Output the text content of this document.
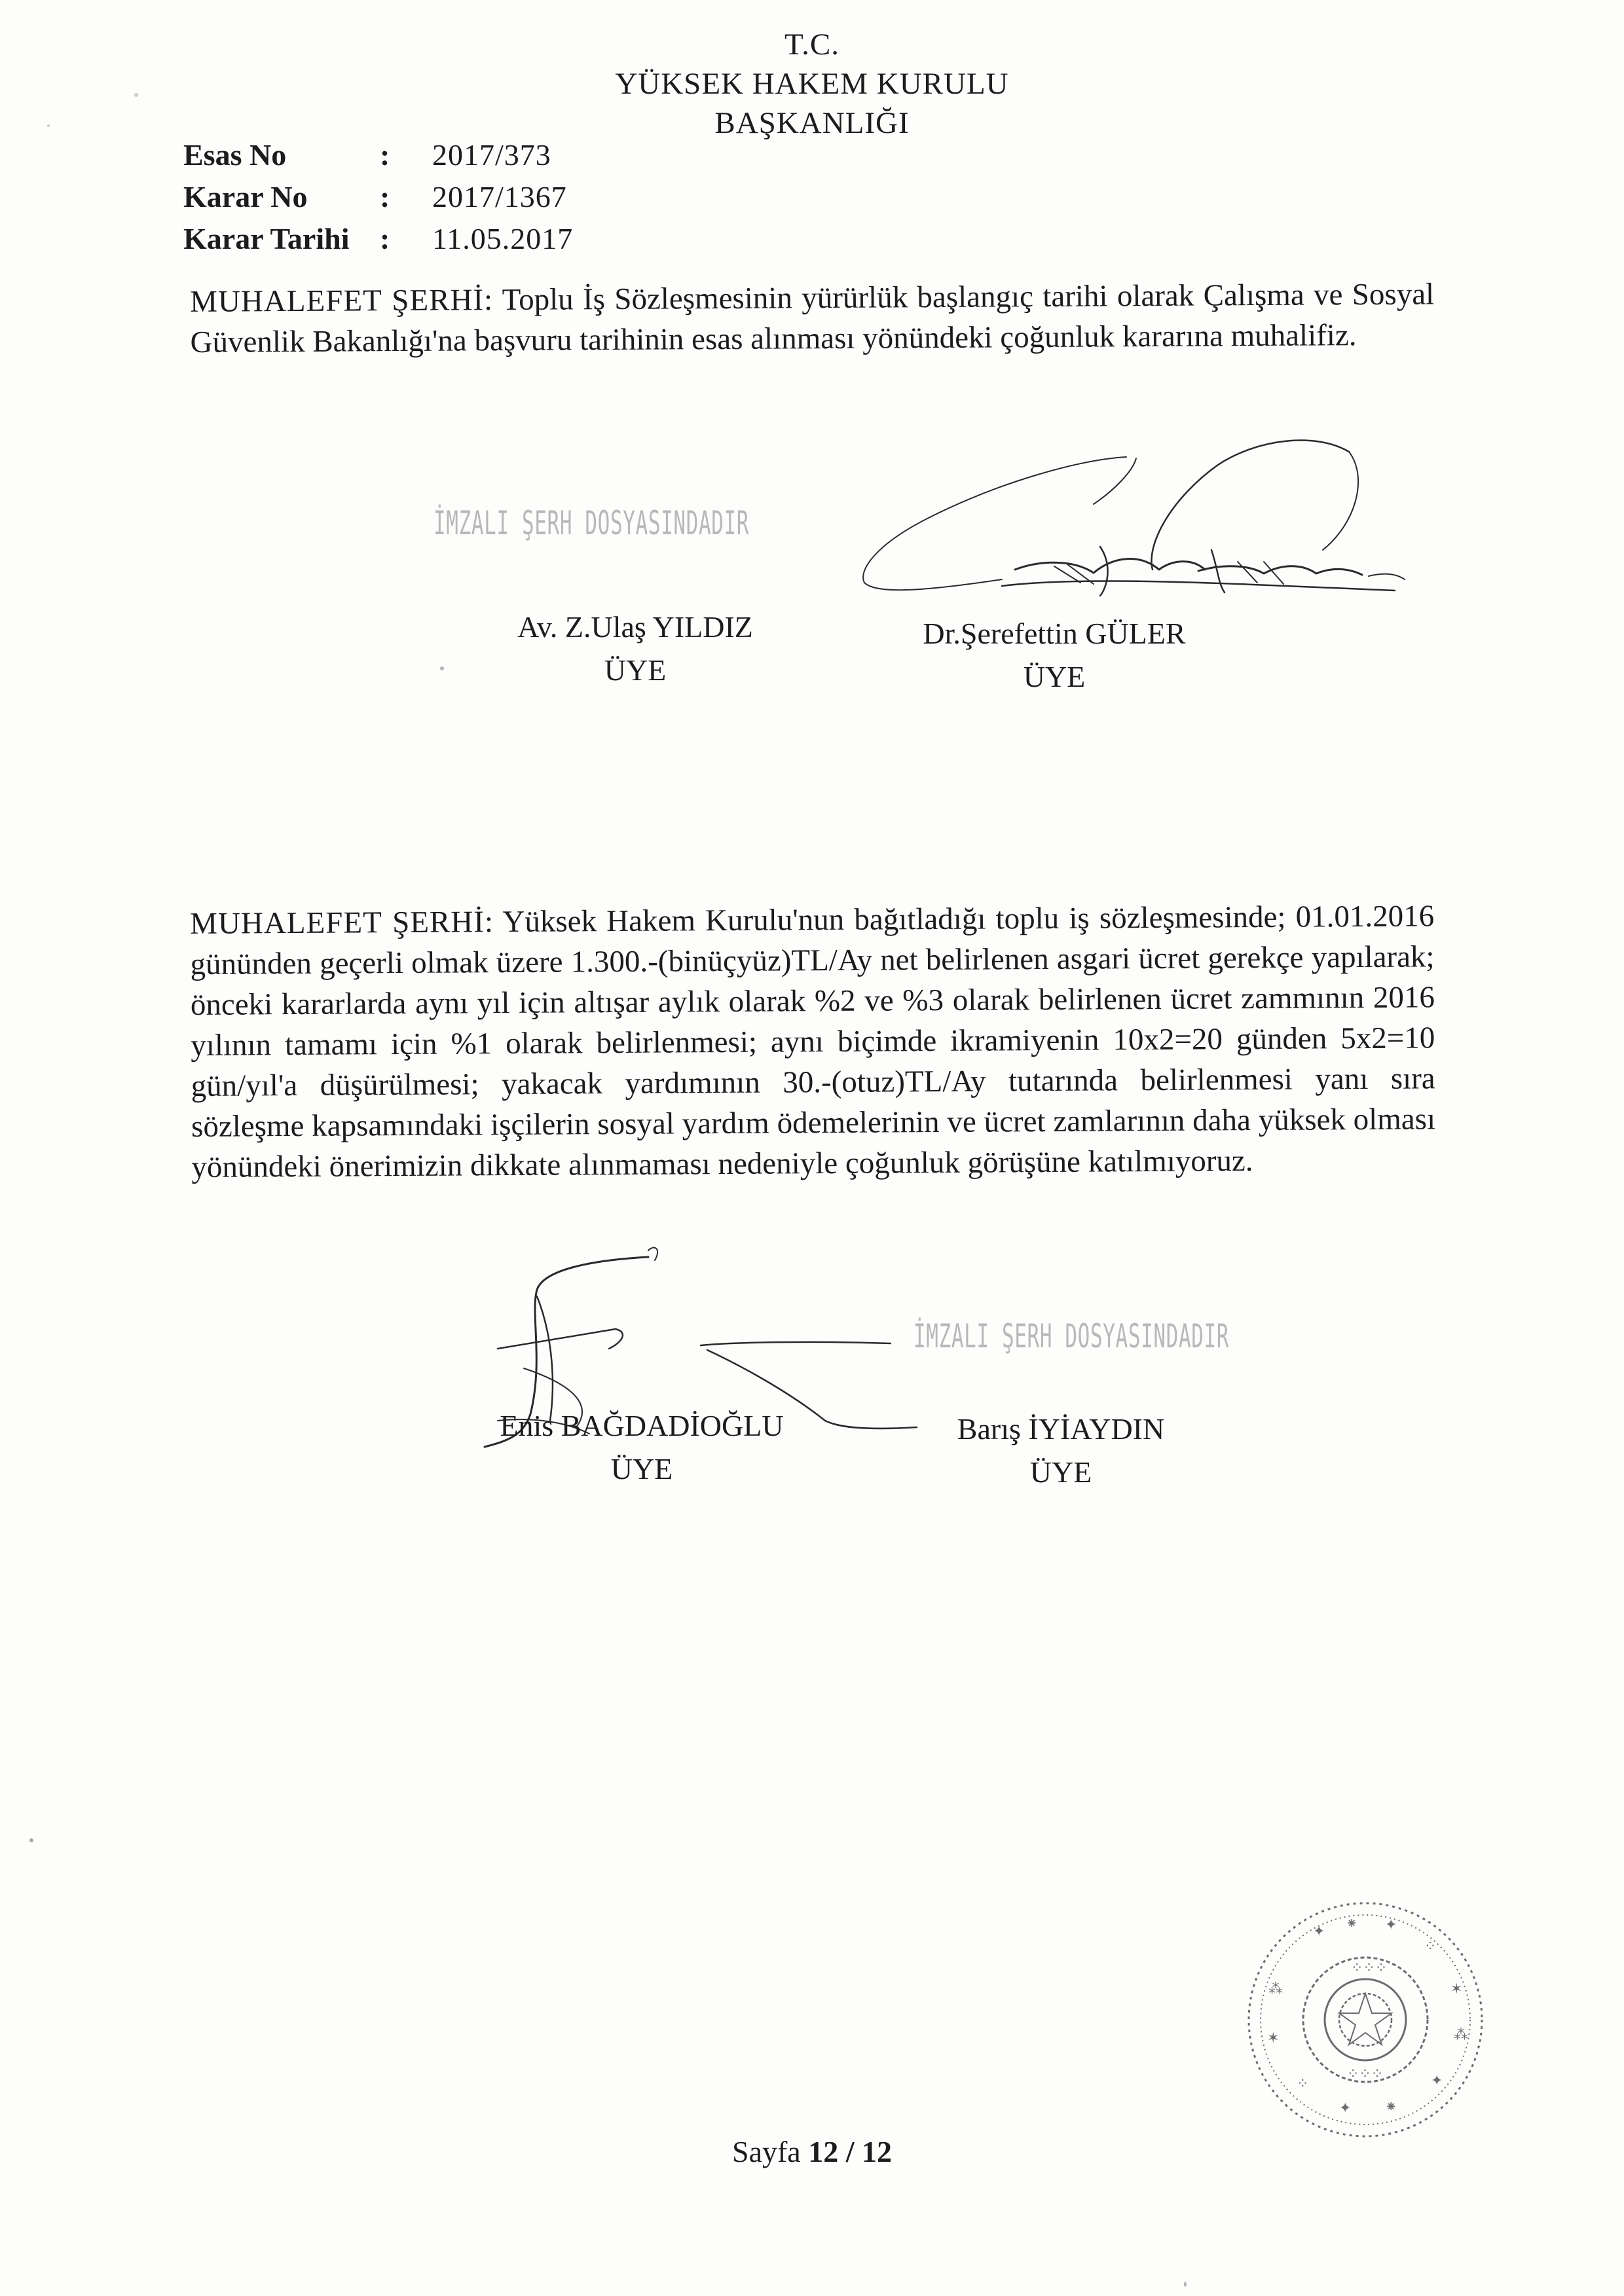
T.C.
YÜKSEK HAKEM KURULU
BAŞKANLIĞI
Esas No	:	2017/373
Karar No	:	2017/1367
Karar Tarihi	:	11.05.2017
MUHALEFET ŞERHİ: Toplu İş Sözleşmesinin yürürlük başlangıç tarihi olarak Çalışma ve Sosyal Güvenlik Bakanlığı'na başvuru tarihinin esas alınması yönündeki çoğunluk kararına muhalifiz.
İMZALI ŞERH DOSYASINDADIR
Av. Z.Ulaş YILDIZ
ÜYE
Dr.Şerefettin GÜLER
ÜYE
MUHALEFET ŞERHİ: Yüksek Hakem Kurulu'nun bağıtladığı toplu iş sözleşmesinde; 01.01.2016 gününden geçerli olmak üzere 1.300.-(binüçyüz)TL/Ay net belirlenen asgari ücret gerekçe yapılarak; önceki kararlarda aynı yıl için altışar aylık olarak %2 ve %3 olarak belirlenen ücret zammının 2016 yılının tamamı için %1 olarak belirlenmesi; aynı biçimde ikramiyenin 10x2=20 günden 5x2=10 gün/yıl'a düşürülmesi; yakacak yardımının 30.-(otuz)TL/Ay tutarında belirlenmesi yanı sıra sözleşme kapsamındaki işçilerin sosyal yardım ödemelerinin ve ücret zamlarının daha yüksek olması yönündeki önerimizin dikkate alınmaması nedeniyle çoğunluk görüşüne katılmıyoruz.
İMZALI ŞERH DOSYASINDADIR
Enis BAĞDADİOĞLU
ÜYE
Barış İYİAYDIN
ÜYE
✦ ⁕ ✦
⁘
✶
⁂
✦
⁕
✦
⁘
✶
⁂
⁘⁘⁘
⁘⁘⁘
Sayfa 12 / 12
